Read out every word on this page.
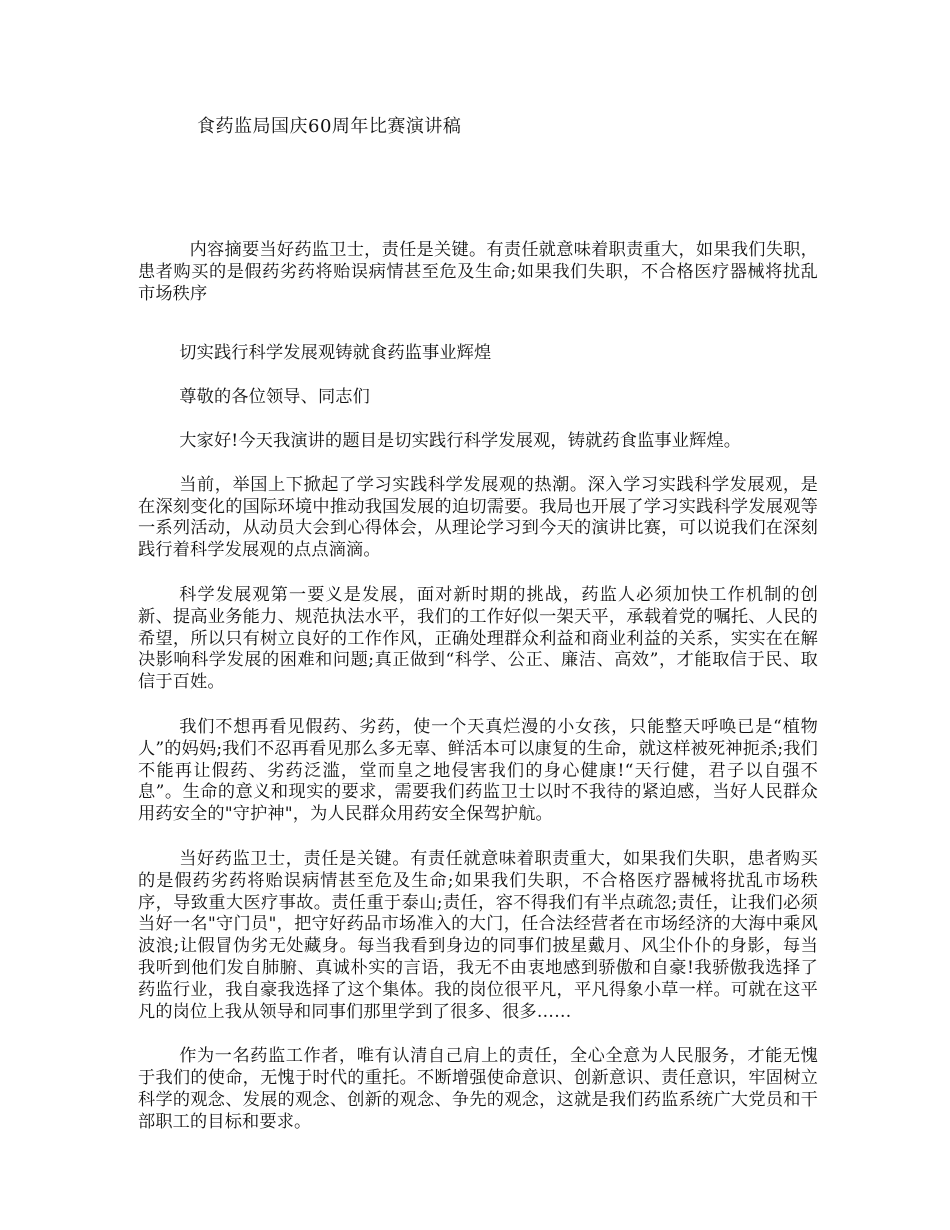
食药监局国庆60周年比赛演讲稿

内容摘要当好药监卫士，责任是关键。有责任就意味着职责重大，如果我们失职，患者购买的是假药劣药将贻误病情甚至危及生命;如果我们失职，不合格医疗器械将扰乱市场秩序

切实践行科学发展观铸就食药监事业辉煌

尊敬的各位领导、同志们

大家好!今天我演讲的题目是切实践行科学发展观，铸就药食监事业辉煌。

当前，举国上下掀起了学习实践科学发展观的热潮。深入学习实践科学发展观，是在深刻变化的国际环境中推动我国发展的迫切需要。我局也开展了学习实践科学发展观等一系列活动，从动员大会到心得体会，从理论学习到今天的演讲比赛，可以说我们在深刻践行着科学发展观的点点滴滴。

科学发展观第一要义是发展，面对新时期的挑战，药监人必须加快工作机制的创新、提高业务能力、规范执法水平，我们的工作好似一架天平，承载着党的嘱托、人民的希望，所以只有树立良好的工作作风，正确处理群众利益和商业利益的关系，实实在在解决影响科学发展的困难和问题;真正做到“科学、公正、廉洁、高效”，才能取信于民、取信于百姓。

我们不想再看见假药、劣药，使一个天真烂漫的小女孩，只能整天呼唤已是“植物人”的妈妈;我们不忍再看见那么多无辜、鲜活本可以康复的生命，就这样被死神扼杀;我们不能再让假药、劣药泛滥，堂而皇之地侵害我们的身心健康!“天行健，君子以自强不息”。生命的意义和现实的要求，需要我们药监卫士以时不我待的紧迫感，当好人民群众用药安全的"守护神"，为人民群众用药安全保驾护航。

当好药监卫士，责任是关键。有责任就意味着职责重大，如果我们失职，患者购买的是假药劣药将贻误病情甚至危及生命;如果我们失职，不合格医疗器械将扰乱市场秩序，导致重大医疗事故。责任重于泰山;责任，容不得我们有半点疏忽;责任，让我们必须当好一名"守门员"，把守好药品市场准入的大门，任合法经营者在市场经济的大海中乘风波浪;让假冒伪劣无处藏身。每当我看到身边的同事们披星戴月、风尘仆仆的身影，每当我听到他们发自肺腑、真诚朴实的言语，我无不由衷地感到骄傲和自豪!我骄傲我选择了药监行业，我自豪我选择了这个集体。我的岗位很平凡，平凡得象小草一样。可就在这平凡的岗位上我从领导和同事们那里学到了很多、很多……

作为一名药监工作者，唯有认清自己肩上的责任，全心全意为人民服务，才能无愧于我们的使命，无愧于时代的重托。不断增强使命意识、创新意识、责任意识，牢固树立科学的观念、发展的观念、创新的观念、争先的观念，这就是我们药监系统广大党员和干部职工的目标和要求。
